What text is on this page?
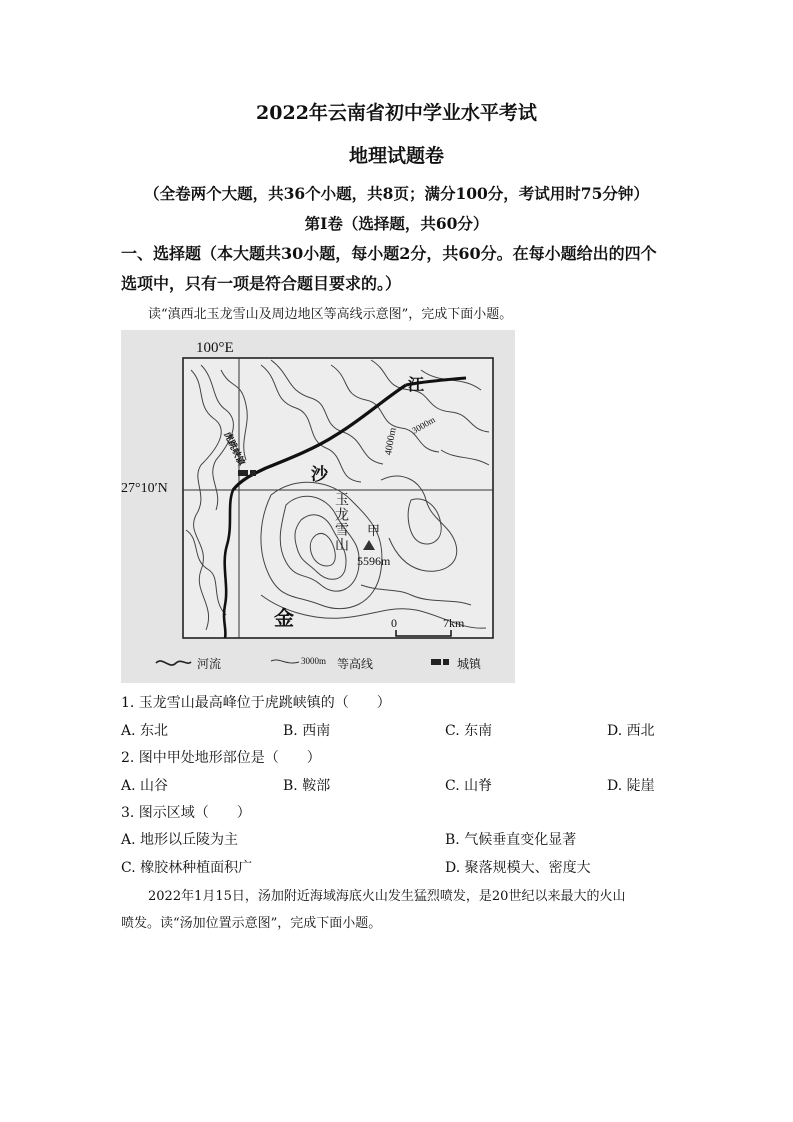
2022年云南省初中学业水平考试
地理试题卷
（全卷两个大题，共36个小题，共8页；满分100分，考试用时75分钟）
第Ⅰ卷（选择题，共60分）
一、选择题（本大题共30小题，每小题2分，共60分。在每小题给出的四个
选项中，只有一项是符合题目要求的。）
读“滇西北玉龙雪山及周边地区等高线示意图”，完成下面小题。
100°E
27°10′N
金
沙
江
玉龙雪山 甲
5596m
4000m
3000m
虎跳峡镇
0	7km
河流	3000m 等高线	城镇
1. 玉龙雪山最高峰位于虎跳峡镇的（　　）
A. 东北	B. 西南	C. 东南	D. 西北
2. 图中甲处地形部位是（　　）
A. 山谷	B. 鞍部	C. 山脊	D. 陡崖
3. 图示区域（　　）
A. 地形以丘陵为主	B. 气候垂直变化显著
C. 橡胶林种植面积广	D. 聚落规模大、密度大
2022年1月15日，汤加附近海域海底火山发生猛烈喷发，是20世纪以来最大的火山
喷发。读“汤加位置示意图”，完成下面小题。
